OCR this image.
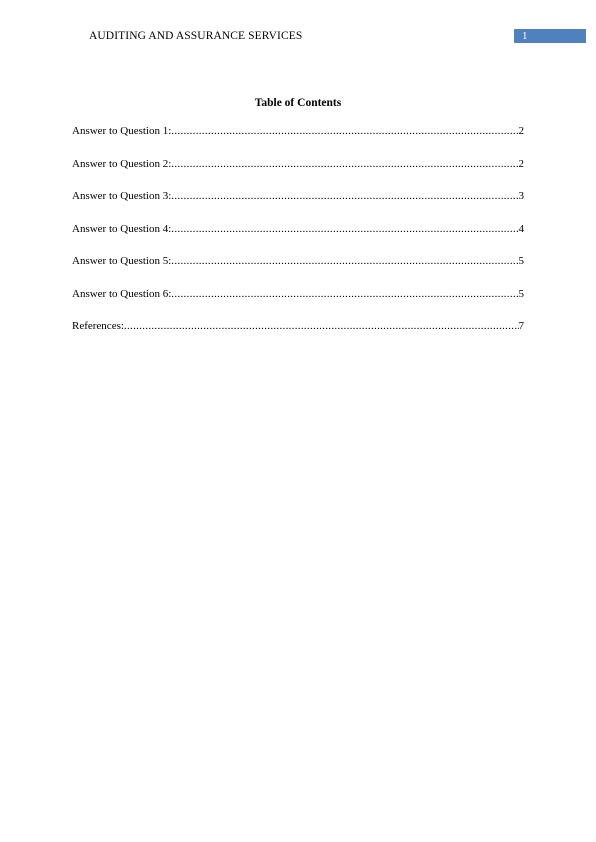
AUDITING AND ASSURANCE SERVICES	1
Table of Contents
Answer to Question 1: .....	2
Answer to Question 2: .....	2
Answer to Question 3: .....	3
Answer to Question 4: .....	4
Answer to Question 5: .....	5
Answer to Question 6: .....	5
References: .....	7
